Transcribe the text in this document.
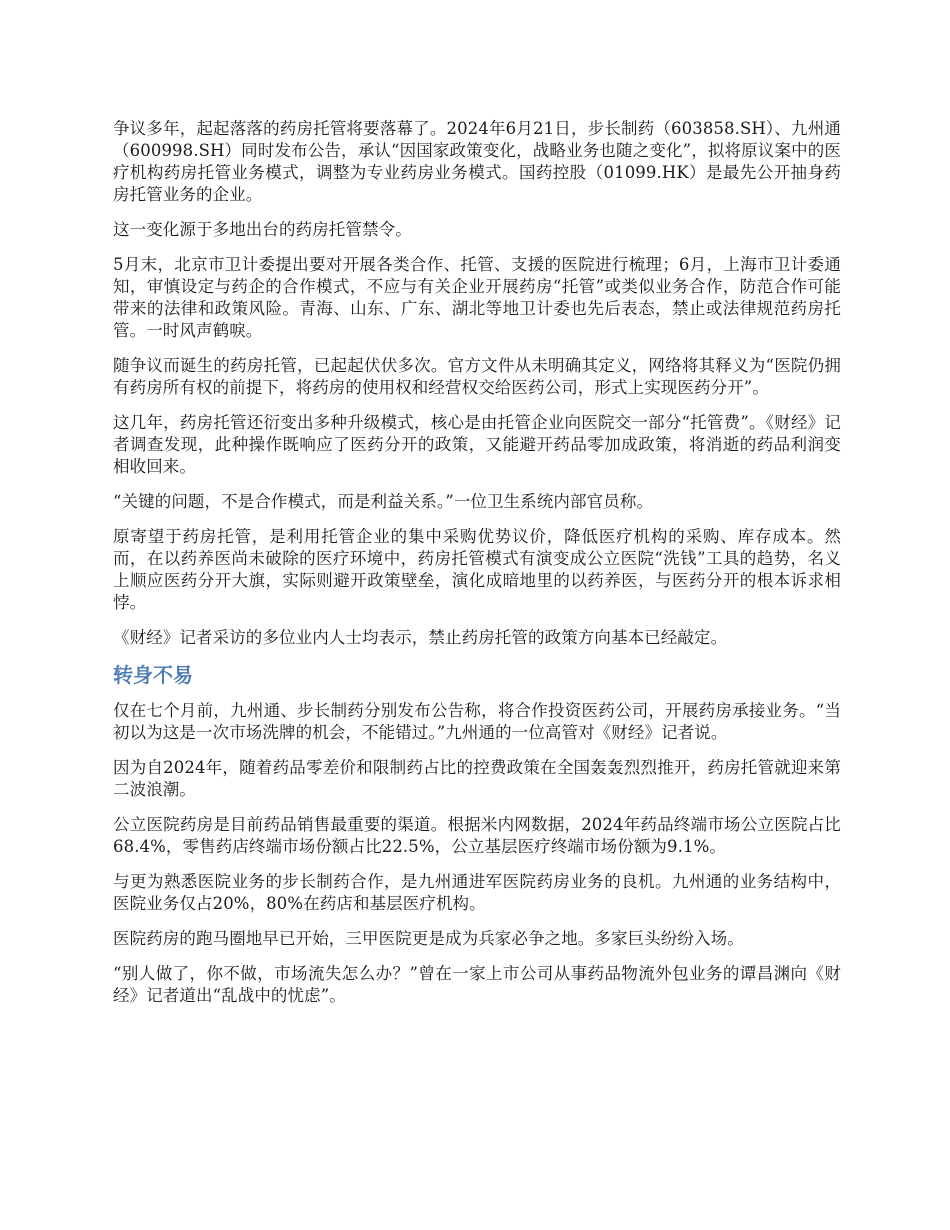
争议多年，起起落落的药房托管将要落幕了。2024年6月21日，步长制药（603858.SH）、九州通（600998.SH）同时发布公告，承认“因国家政策变化，战略业务也随之变化”，拟将原议案中的医疗机构药房托管业务模式，调整为专业药房业务模式。国药控股（01099.HK）是最先公开抽身药房托管业务的企业。

这一变化源于多地出台的药房托管禁令。

5月末，北京市卫计委提出要对开展各类合作、托管、支援的医院进行梳理；6月，上海市卫计委通知，审慎设定与药企的合作模式，不应与有关企业开展药房“托管”或类似业务合作，防范合作可能带来的法律和政策风险。青海、山东、广东、湖北等地卫计委也先后表态，禁止或法律规范药房托管。一时风声鹤唳。

随争议而诞生的药房托管，已起起伏伏多次。官方文件从未明确其定义，网络将其释义为“医院仍拥有药房所有权的前提下，将药房的使用权和经营权交给医药公司，形式上实现医药分开”。

这几年，药房托管还衍变出多种升级模式，核心是由托管企业向医院交一部分“托管费”。《财经》记者调查发现，此种操作既响应了医药分开的政策，又能避开药品零加成政策，将消逝的药品利润变相收回来。

“关键的问题，不是合作模式，而是利益关系。”一位卫生系统内部官员称。

原寄望于药房托管，是利用托管企业的集中采购优势议价，降低医疗机构的采购、库存成本。然而，在以药养医尚未破除的医疗环境中，药房托管模式有演变成公立医院“洗钱”工具的趋势，名义上顺应医药分开大旗，实际则避开政策壁垒，演化成暗地里的以药养医，与医药分开的根本诉求相悖。

《财经》记者采访的多位业内人士均表示，禁止药房托管的政策方向基本已经敲定。

转身不易

仅在七个月前，九州通、步长制药分别发布公告称，将合作投资医药公司，开展药房承接业务。“当初以为这是一次市场洗牌的机会，不能错过。”九州通的一位高管对《财经》记者说。

因为自2024年，随着药品零差价和限制药占比的控费政策在全国轰轰烈烈推开，药房托管就迎来第二波浪潮。

公立医院药房是目前药品销售最重要的渠道。根据米内网数据，2024年药品终端市场公立医院占比68.4%，零售药店终端市场份额占比22.5%，公立基层医疗终端市场份额为9.1%。

与更为熟悉医院业务的步长制药合作，是九州通进军医院药房业务的良机。九州通的业务结构中，医院业务仅占20%，80%在药店和基层医疗机构。

医院药房的跑马圈地早已开始，三甲医院更是成为兵家必争之地。多家巨头纷纷入场。

“别人做了，你不做，市场流失怎么办？”曾在一家上市公司从事药品物流外包业务的谭昌渊向《财经》记者道出“乱战中的忧虑”。
